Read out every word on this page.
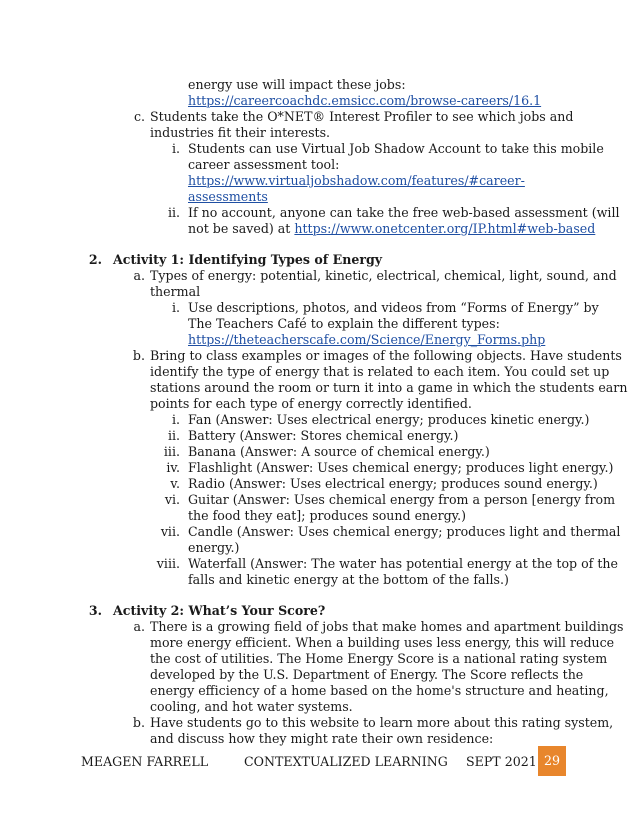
energy use will impact these jobs:
https://careercoachdc.emsicc.com/browse-careers/16.1
c. Students take the O*NET® Interest Profiler to see which jobs and
industries fit their interests.
i. Students can use Virtual Job Shadow Account to take this mobile
career assessment tool:
https://www.virtualjobshadow.com/features/#career-
assessments
ii. If no account, anyone can take the free web-based assessment (will
not be saved) at https://www.onetcenter.org/IP.html#web-based
2. Activity 1: Identifying Types of Energy
a. Types of energy: potential, kinetic, electrical, chemical, light, sound, and
thermal
i. Use descriptions, photos, and videos from “Forms of Energy” by
The Teachers Café to explain the different types:
https://theteacherscafe.com/Science/Energy_Forms.php
b. Bring to class examples or images of the following objects. Have students
identify the type of energy that is related to each item. You could set up
stations around the room or turn it into a game in which the students earn
points for each type of energy correctly identified.
i. Fan (Answer: Uses electrical energy; produces kinetic energy.)
ii. Battery (Answer: Stores chemical energy.)
iii. Banana (Answer: A source of chemical energy.)
iv. Flashlight (Answer: Uses chemical energy; produces light energy.)
v. Radio (Answer: Uses electrical energy; produces sound energy.)
vi. Guitar (Answer: Uses chemical energy from a person [energy from
the food they eat]; produces sound energy.)
vii. Candle (Answer: Uses chemical energy; produces light and thermal
energy.)
viii. Waterfall (Answer: The water has potential energy at the top of the
falls and kinetic energy at the bottom of the falls.)
3. Activity 2: What’s Your Score?
a. There is a growing field of jobs that make homes and apartment buildings
more energy efficient. When a building uses less energy, this will reduce
the cost of utilities. The Home Energy Score is a national rating system
developed by the U.S. Department of Energy. The Score reflects the
energy efficiency of a home based on the home's structure and heating,
cooling, and hot water systems.
b. Have students go to this website to learn more about this rating system,
and discuss how they might rate their own residence:
MEAGEN FARRELL	CONTEXTUALIZED LEARNING SEPT 2021 29
